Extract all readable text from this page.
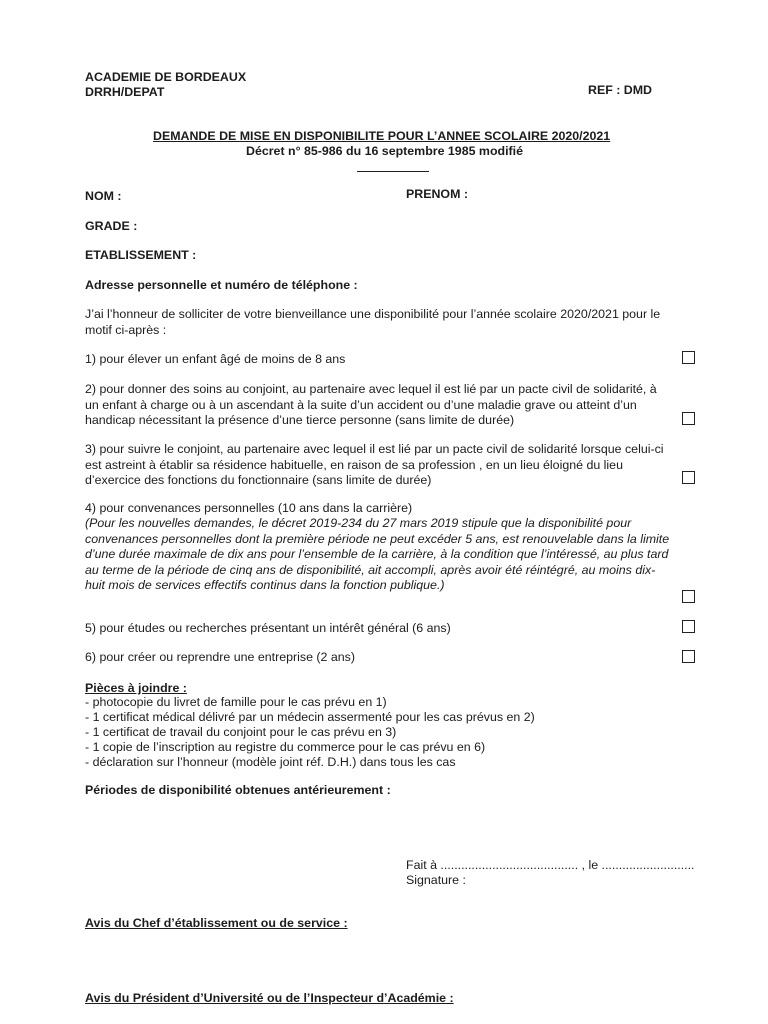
ACADEMIE DE BORDEAUX
DRRH/DEPAT	REF : DMD
DEMANDE DE MISE EN DISPONIBILITE POUR L’ANNEE SCOLAIRE 2020/2021
Décret n° 85-986 du 16 septembre 1985 modifié
NOM :	PRENOM :
GRADE :
ETABLISSEMENT :
Adresse personnelle et numéro de téléphone :
J’ai l’honneur de solliciter de votre bienveillance une disponibilité pour l’année scolaire 2020/2021 pour le
motif ci-après :
1) pour élever un enfant âgé de moins de 8 ans
2) pour donner des soins au conjoint, au partenaire avec lequel il est lié par un pacte civil de solidarité, à
un enfant à charge ou à un ascendant à la suite d’un accident ou d’une maladie grave ou atteint d’un
handicap nécessitant la présence d’une tierce personne (sans limite de durée)
3) pour suivre le conjoint, au partenaire avec lequel il est lié par un pacte civil de solidarité lorsque celui-ci
est astreint à établir sa résidence habituelle, en raison de sa profession , en un lieu éloigné du lieu
d’exercice des fonctions du fonctionnaire (sans limite de durée)
4) pour convenances personnelles (10 ans dans la carrière)
(Pour les nouvelles demandes, le décret 2019-234 du 27 mars 2019 stipule que la disponibilité pour
convenances personnelles dont la première période ne peut excéder 5 ans, est renouvelable dans la limite
d’une durée maximale de dix ans pour l’ensemble de la carrière, à la condition que l’intéressé, au plus tard
au terme de la période de cinq ans de disponibilité, ait accompli, après avoir été réintégré, au moins dix-
huit mois de services effectifs continus dans la fonction publique.)
5) pour études ou recherches présentant un intérêt général (6 ans)
6) pour créer ou reprendre une entreprise (2 ans)
Pièces à joindre :
- photocopie du livret de famille pour le cas prévu en 1)
- 1 certificat médical délivré par un médecin assermenté pour les cas prévus en 2)
- 1 certificat de travail du conjoint pour le cas prévu en 3)
- 1 copie de l’inscription au registre du commerce pour le cas prévu en 6)
- déclaration sur l’honneur (modèle joint réf. D.H.) dans tous les cas
Périodes de disponibilité obtenues antérieurement :
Fait à ........................................ , le ...........................
Signature :
Avis du Chef d’établissement ou de service :
Avis du Président d’Université ou de l’Inspecteur d’Académie :
